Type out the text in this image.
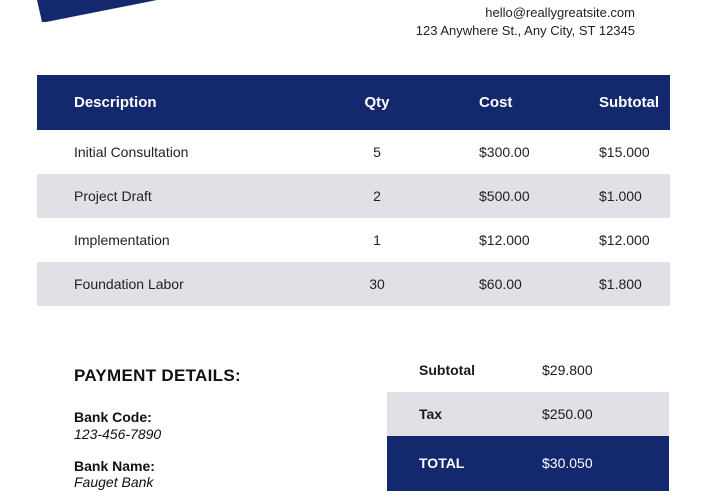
hello@reallygreatsite.com
123 Anywhere St., Any City, ST 12345
Description	Qty	Cost	Subtotal
Initial Consultation	5	$300.00	$15.000
Project Draft	2	$500.00	$1.000
Implementation	1	$12.000	$12.000
Foundation Labor	30	$60.00	$1.800
PAYMENT DETAILS:
Bank Code:
123-456-7890
Bank Name:
Fauget Bank
Subtotal	$29.800
Tax	$250.00
TOTAL	$30.050
